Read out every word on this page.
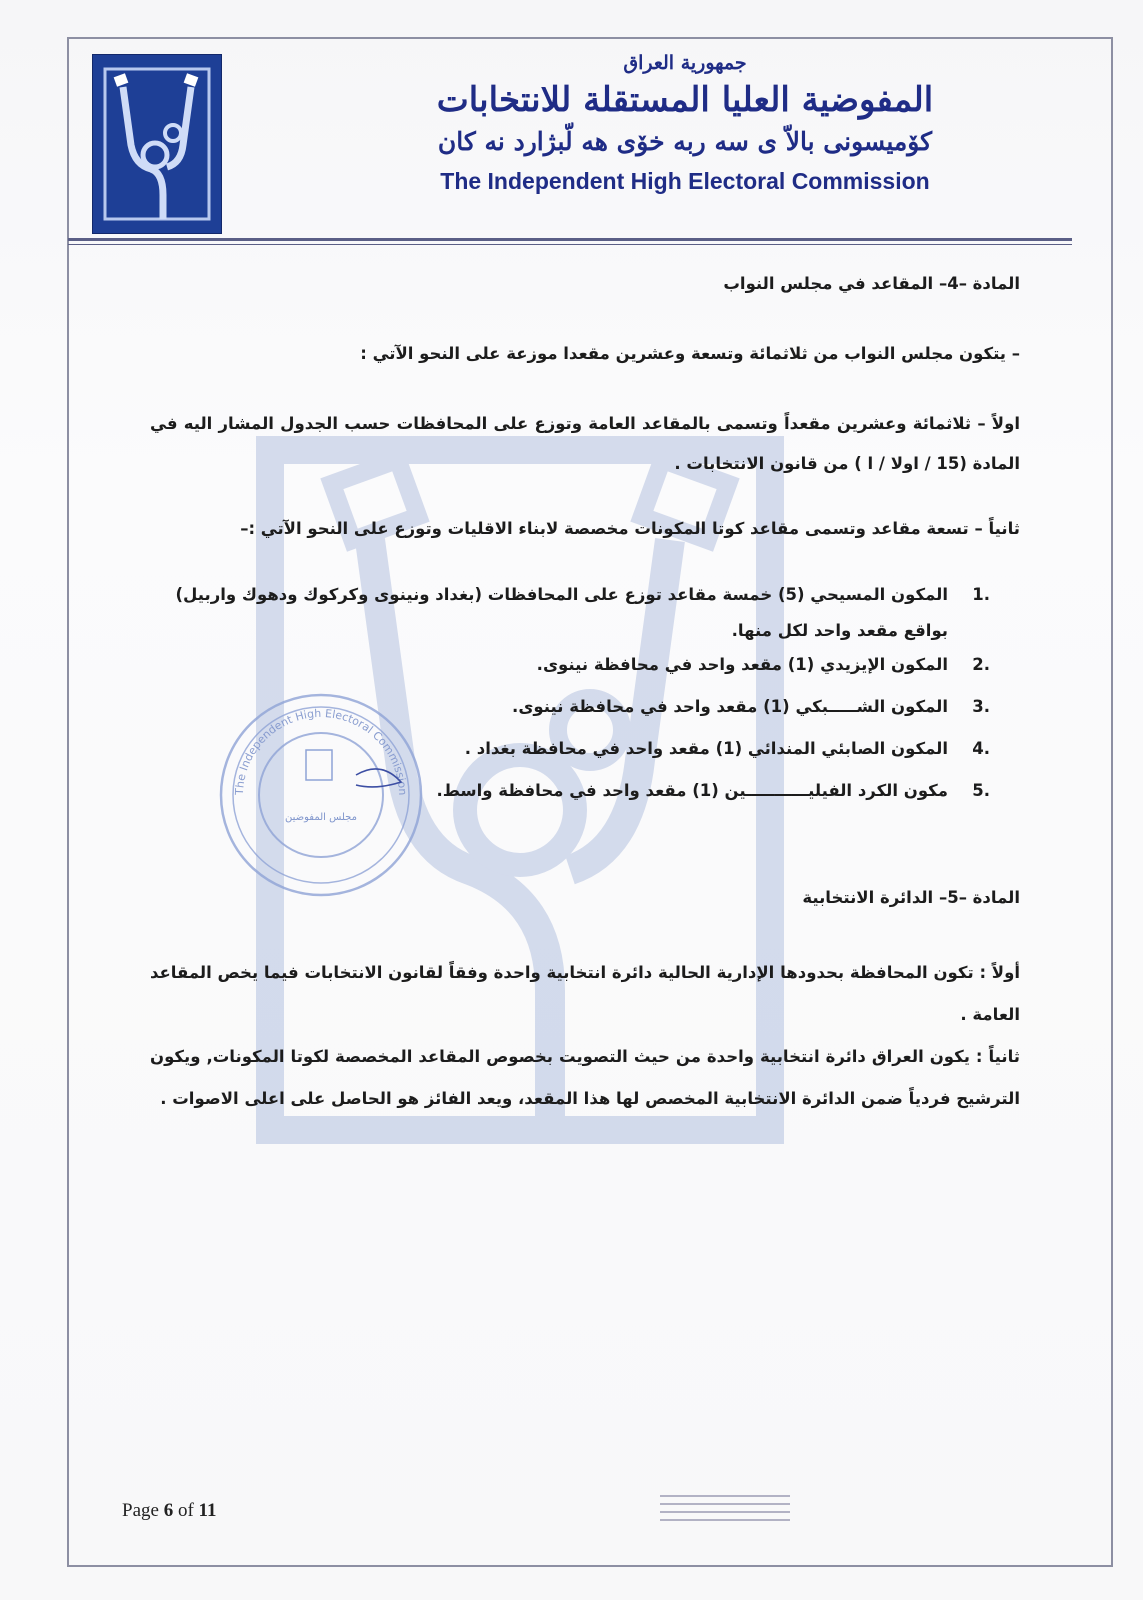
جمهورية العراق
المفوضية العليا المستقلة للانتخابات
كۆميسونى بالاّ ى سه ربه خۆى هه لّبژارد نه كان
The Independent High Electoral Commission
المادة –4– المقاعد في مجلس النواب
– يتكون مجلس النواب من ثلاثمائة وتسعة وعشرين مقعدا موزعة على النحو الآتي :
اولاً – ثلاثمائة وعشرين مقعداً وتسمى بالمقاعد العامة وتوزع على المحافظات حسب الجدول المشار اليه في المادة (15 / اولا / ا ) من قانون الانتخابات .
ثانياً – تسعة مقاعد وتسمى مقاعد كوتا المكونات مخصصة لابناء الاقليات وتوزع على النحو الآتي :–
1.
المكون المسيحي (5) خمسة مقاعد توزع على المحافظات (بغداد ونينوى وكركوك ودهوك واربيل) بواقع مقعد واحد لكل منها.
2.
المكون الإيزيدي (1) مقعد واحد في محافظة نينوى.
3.
المكون الشـــــبكي (1) مقعد واحد في محافظة نينوى.
4.
المكون الصابئي المندائي (1) مقعد واحد في محافظة بغداد .
5.
مكون الكرد الفيليـــــــــــين (1) مقعد واحد في محافظة واسط.
The Independent High Electoral Commission
مجلس المفوضين
المادة –5– الدائرة الانتخابية
أولاً : تكون المحافظة بحدودها الإدارية الحالية دائرة انتخابية واحدة وفقاً لقانون الانتخابات فيما يخص المقاعد العامة .
ثانياً : يكون العراق دائرة انتخابية واحدة من حيث التصويت بخصوص المقاعد المخصصة لكوتا المكونات, ويكون الترشيح فردياً ضمن الدائرة الانتخابية المخصص لها هذا المقعد، ويعد الفائز هو الحاصل على اعلى الاصوات .
Page 6 of 11
